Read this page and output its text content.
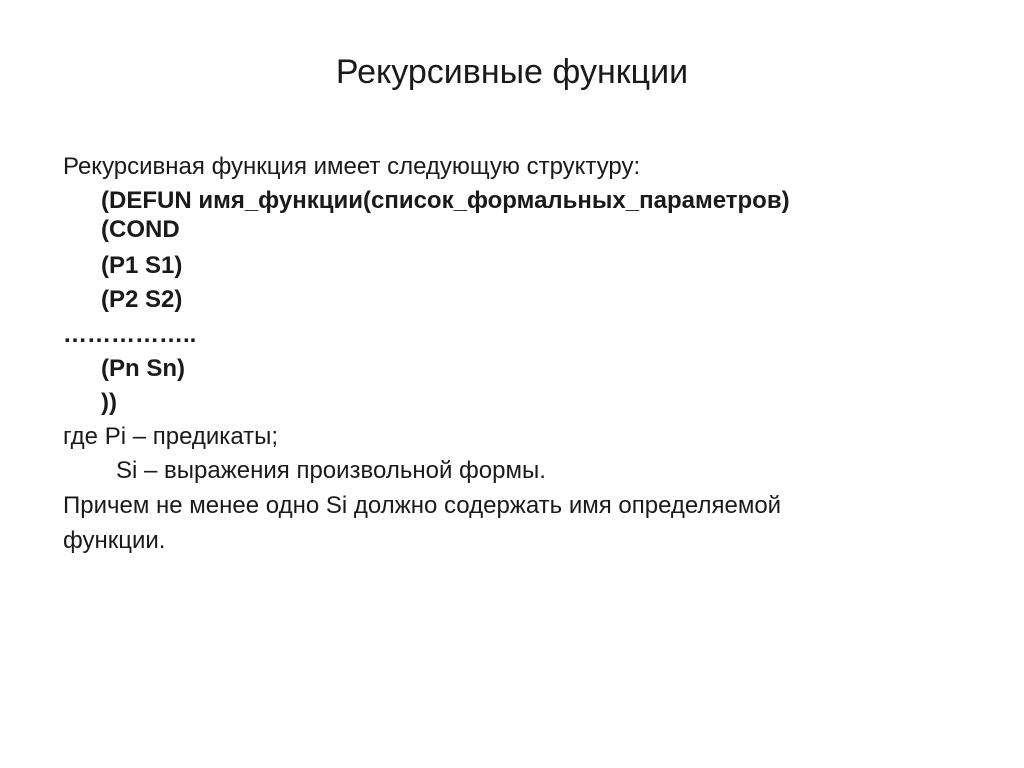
Рекурсивные функции
Рекурсивная функция имеет следующую структуру:
(DEFUN имя_функции(список_формальных_параметров)
(COND
(P1 S1)
(P2 S2)
……………..
(Pn Sn)
))
где Pi – предикаты;
Si – выражения произвольной формы.
Причем не менее одно Si должно содержать имя определяемой
функции.
